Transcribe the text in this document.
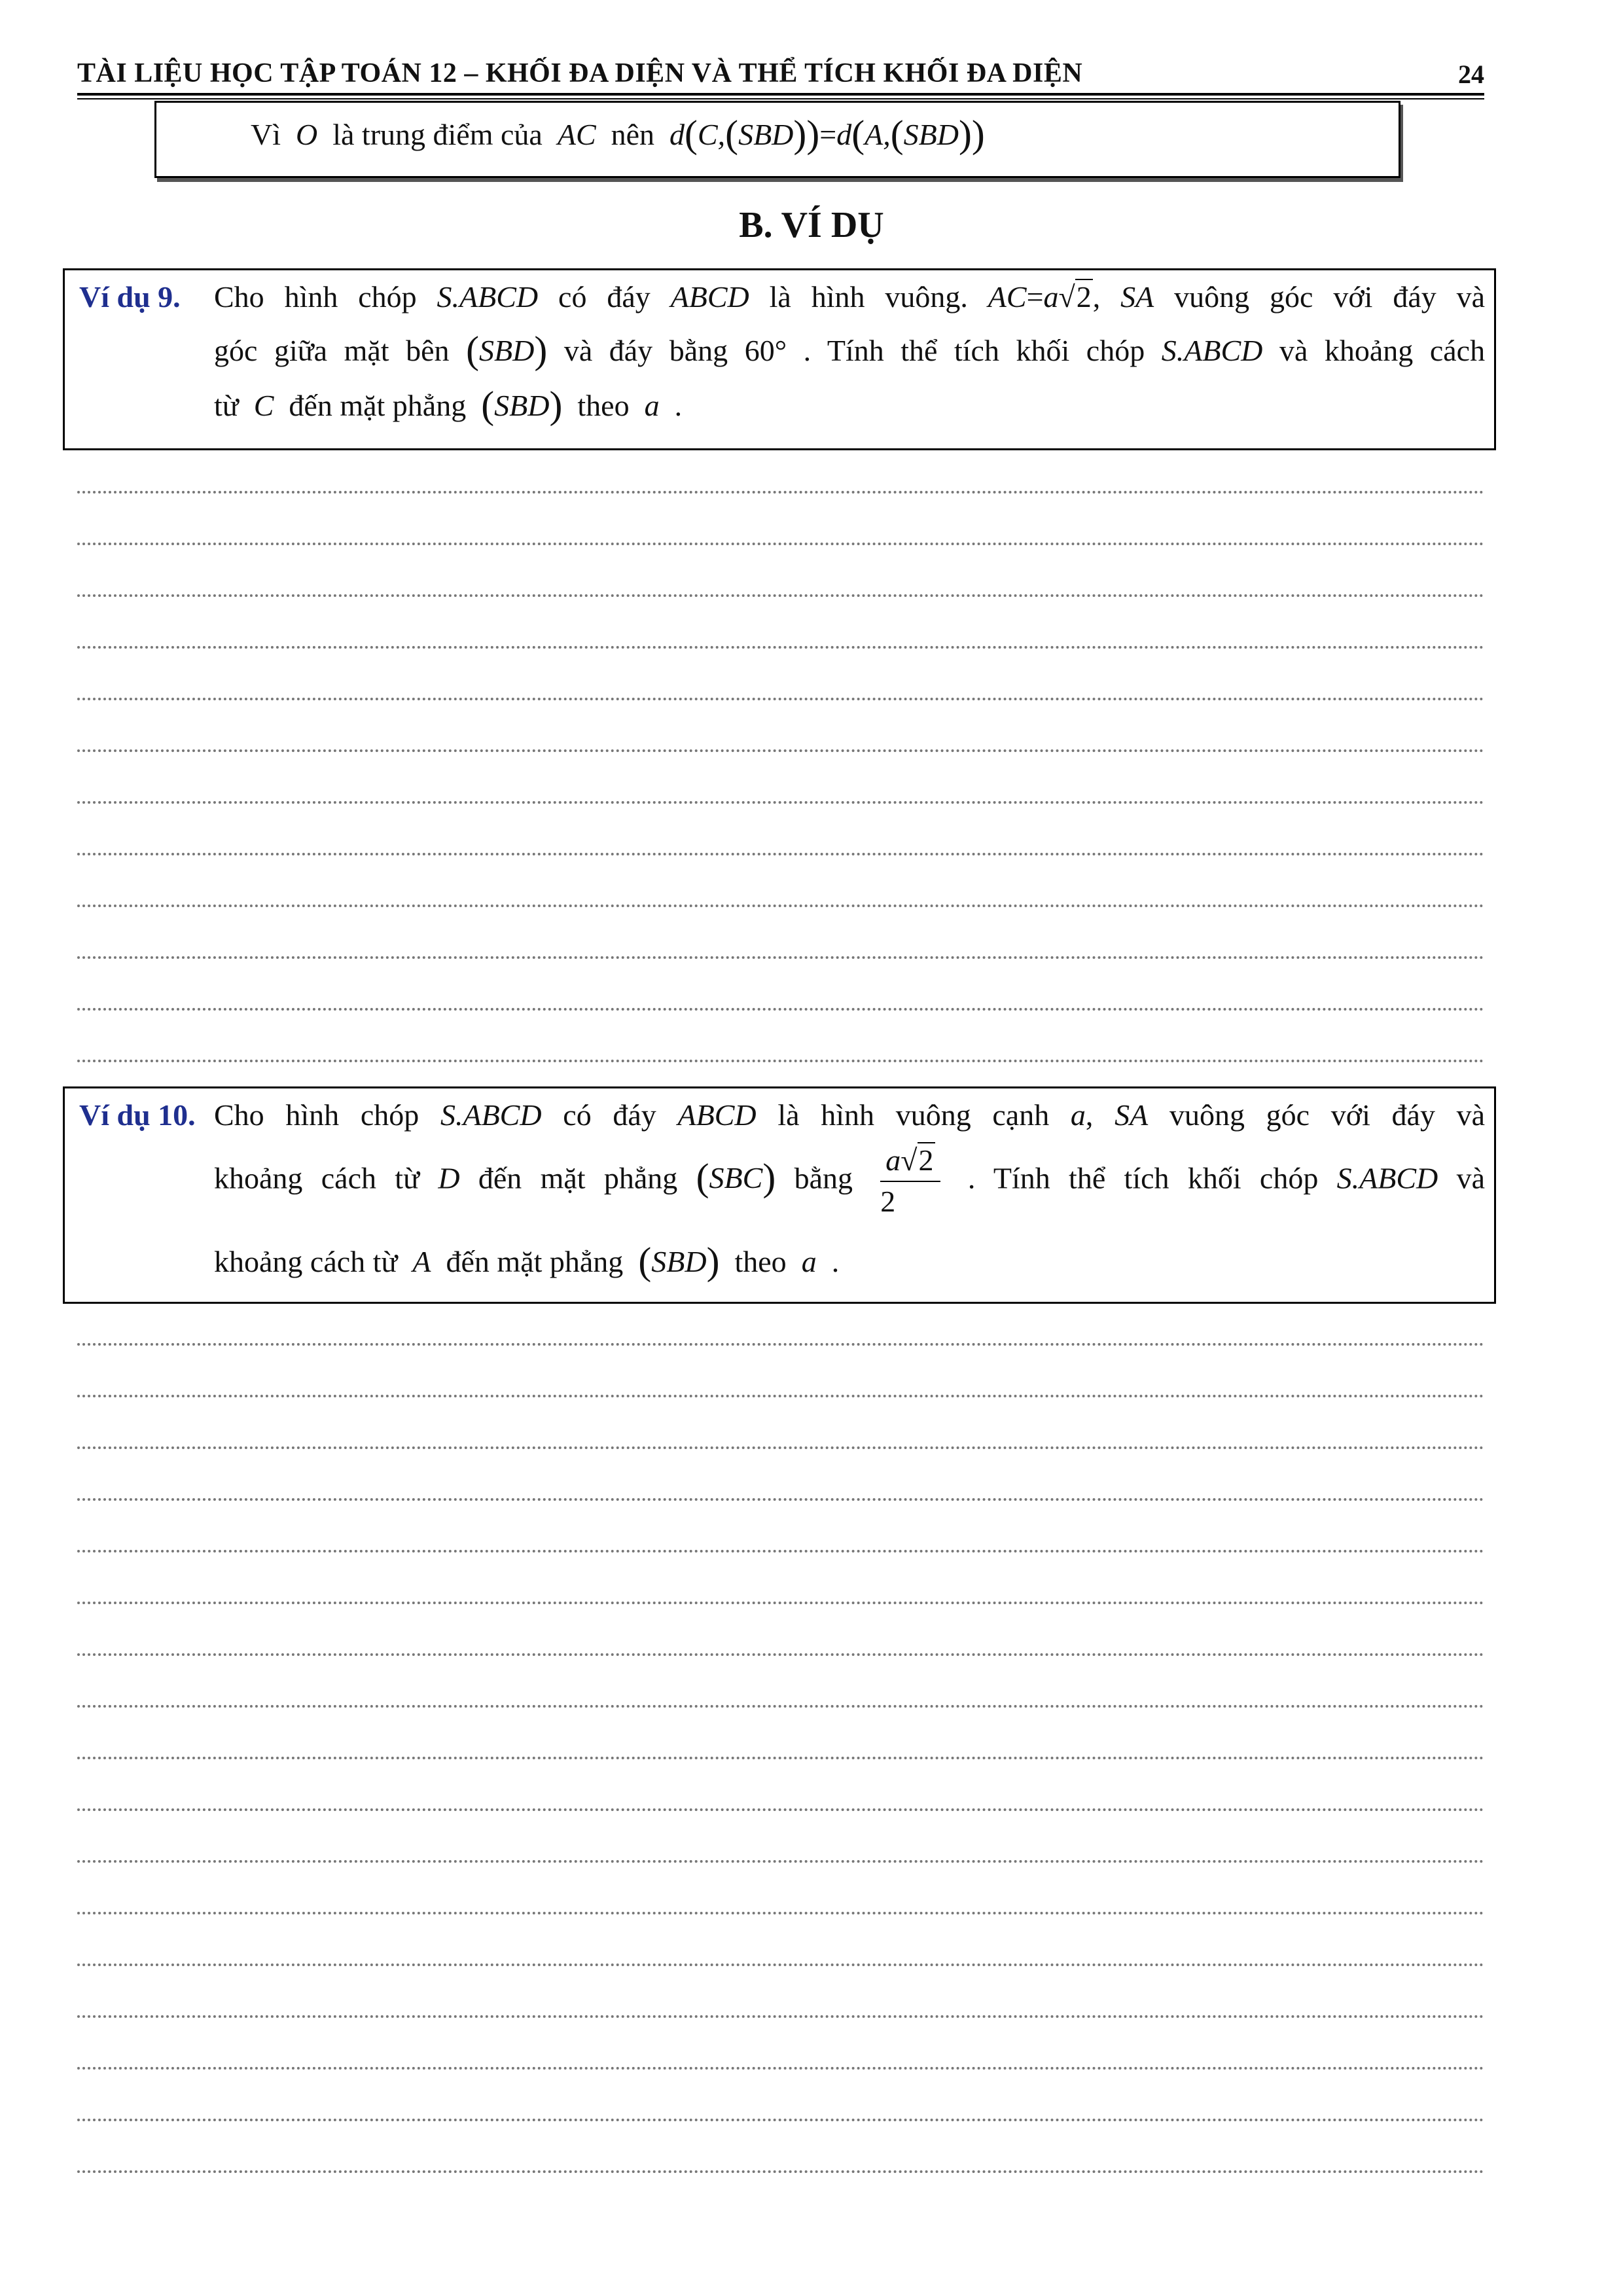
TÀI LIỆU HỌC TẬP TOÁN 12 – KHỐI ĐA DIỆN VÀ THỂ TÍCH KHỐI ĐA DIỆN	24
Vì O là trung điểm của AC nên d(C,(SBD))=d(A,(SBD))
B. VÍ DỤ
Ví dụ 9. Cho hình chóp S.ABCD có đáy ABCD là hình vuông. AC=a√2, SA vuông góc với đáy và
góc giữa mặt bên (SBD) và đáy bằng 60° . Tính thể tích khối chóp S.ABCD và khoảng cách
từ C đến mặt phẳng (SBD) theo a .
Ví dụ 10. Cho hình chóp S.ABCD có đáy ABCD là hình vuông cạnh a, SA vuông góc với đáy và
khoảng cách từ D đến mặt phẳng (SBC) bằng $\frac{a√2}{2}$ . Tính thể tích khối chóp S.ABCD và
khoảng cách từ A đến mặt phẳng (SBD) theo a .
